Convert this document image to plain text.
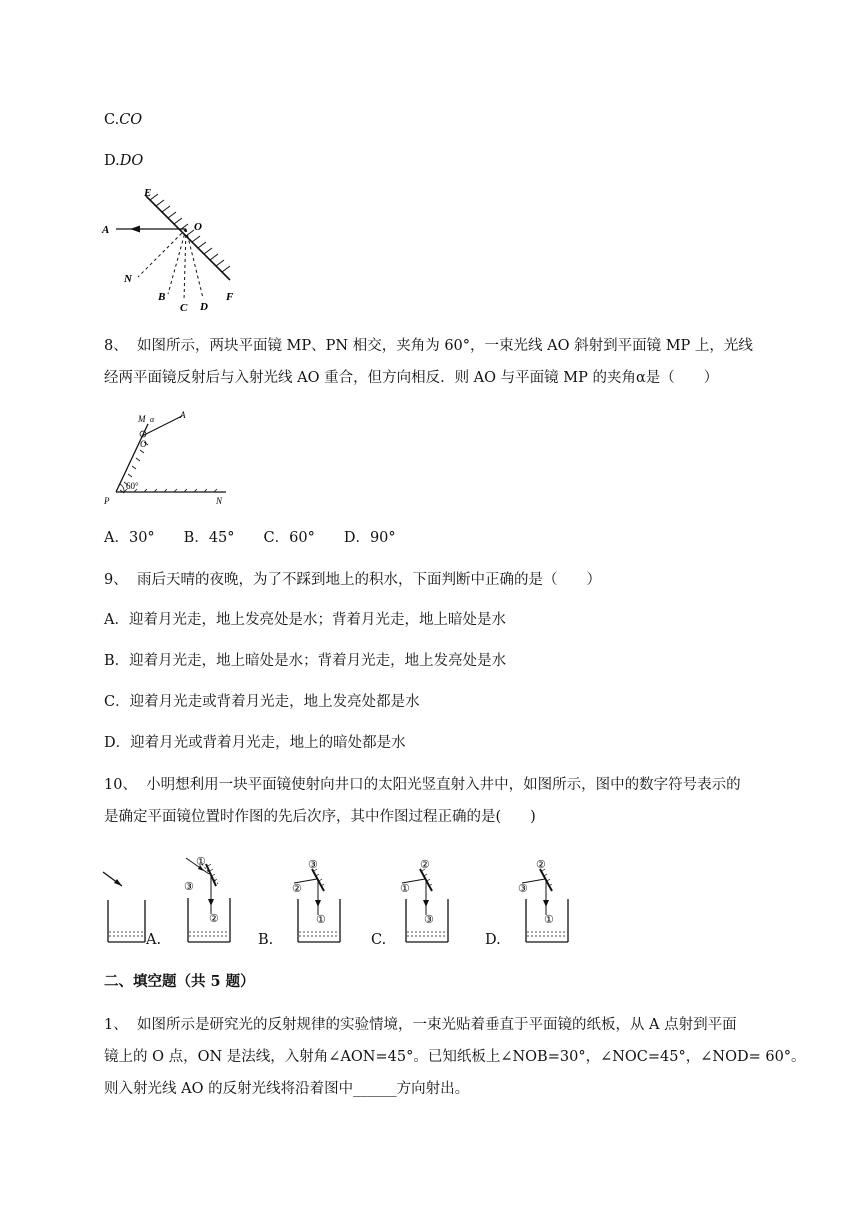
C.CO
D.DO
E
O
A
F
N
B
C D
8、 如图所示，两块平面镜 MP、PN 相交，夹角为 60°，一束光线 AO 斜射到平面镜 MP 上，光线
经两平面镜反射后与入射光线 AO 重合，但方向相反．则 AO 与平面镜 MP 的夹角α是（　　）
M α	A
O
60°
P	N
A．30°　　B．45°　　C．60°　　D．90°
9、 雨后天晴的夜晚，为了不踩到地上的积水，下面判断中正确的是（　　）
A．迎着月光走，地上发亮处是水；背着月光走，地上暗处是水
B．迎着月光走，地上暗处是水；背着月光走，地上发亮处是水
C．迎着月光走或背着月光走，地上发亮处都是水
D．迎着月光或背着月光走，地上的暗处都是水
10、 小明想利用一块平面镜使射向井口的太阳光竖直射入井中，如图所示，图中的数字符号表示的
是确定平面镜位置时作图的先后次序，其中作图过程正确的是(　　)
A.
①
③
②
B.
③
②
①
C.
②
①
③
D.
②
③
①
二、填空题（共 5 题）
1、 如图所示是研究光的反射规律的实验情境，一束光贴着垂直于平面镜的纸板，从 A 点射到平面
镜上的 O 点，ON 是法线，入射角∠AON=45°。已知纸板上∠NOB=30°，∠NOC=45°，∠NOD= 60°。
则入射光线 AO 的反射光线将沿着图中______方向射出。
